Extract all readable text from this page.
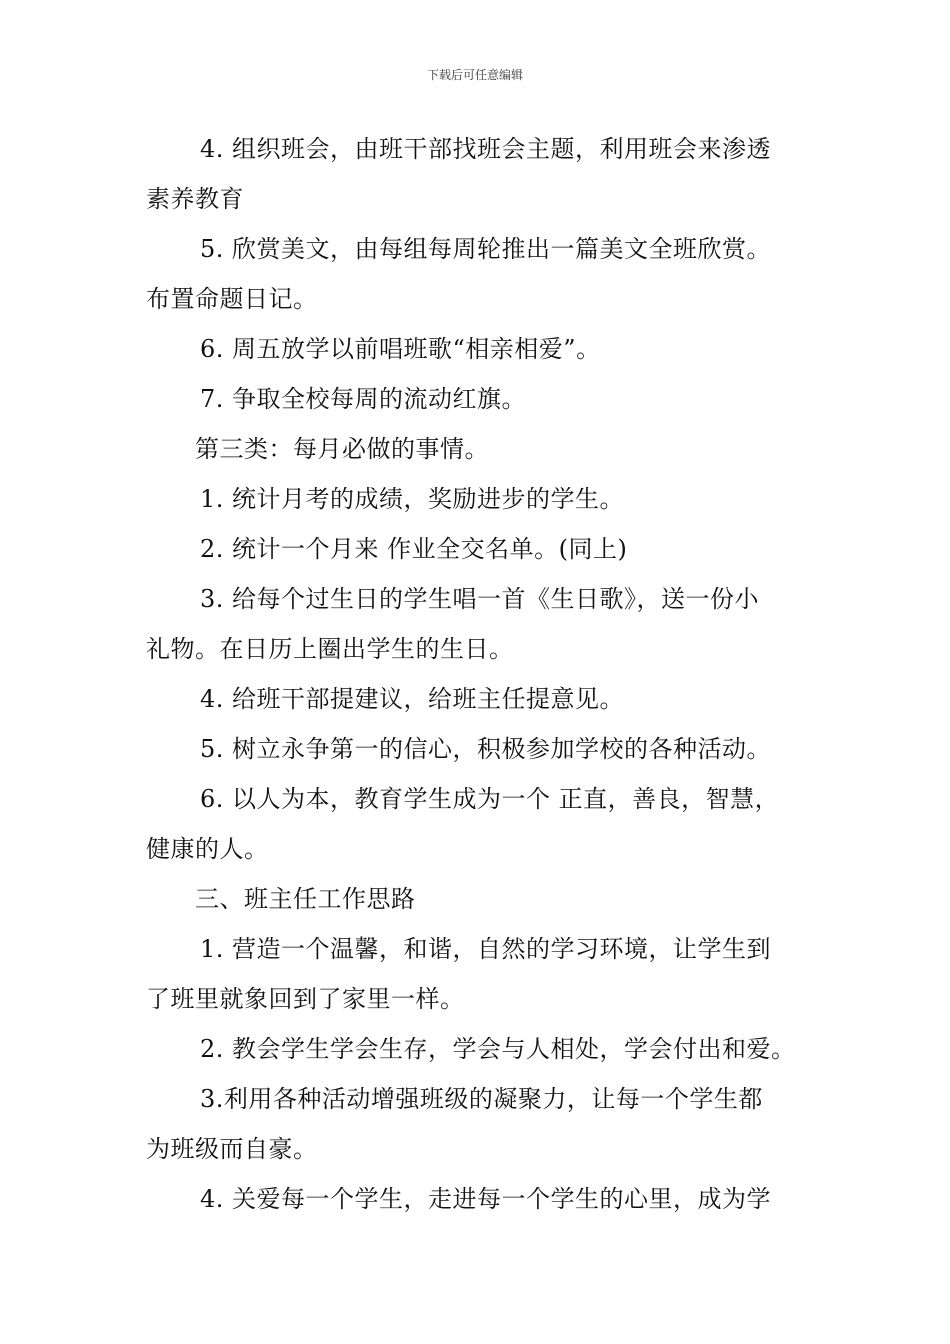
下载后可任意编辑
4. 组织班会，由班干部找班会主题，利用班会来渗透
素养教育
5. 欣赏美文，由每组每周轮推出一篇美文全班欣赏。
布置命题日记。
6. 周五放学以前唱班歌“相亲相爱”。
7. 争取全校每周的流动红旗。
第三类：每月必做的事情。
1. 统计月考的成绩，奖励进步的学生。
2. 统计一个月来 作业全交名单。(同上)
3. 给每个过生日的学生唱一首《生日歌》，送一份小
礼物。在日历上圈出学生的生日。
4. 给班干部提建议，给班主任提意见。
5. 树立永争第一的信心，积极参加学校的各种活动。
6. 以人为本，教育学生成为一个 正直，善良，智慧，
健康的人。
三、班主任工作思路
1. 营造一个温馨，和谐，自然的学习环境，让学生到
了班里就象回到了家里一样。
2. 教会学生学会生存，学会与人相处，学会付出和爱。
3.利用各种活动增强班级的凝聚力，让每一个学生都
为班级而自豪。
4. 关爱每一个学生，走进每一个学生的心里，成为学
